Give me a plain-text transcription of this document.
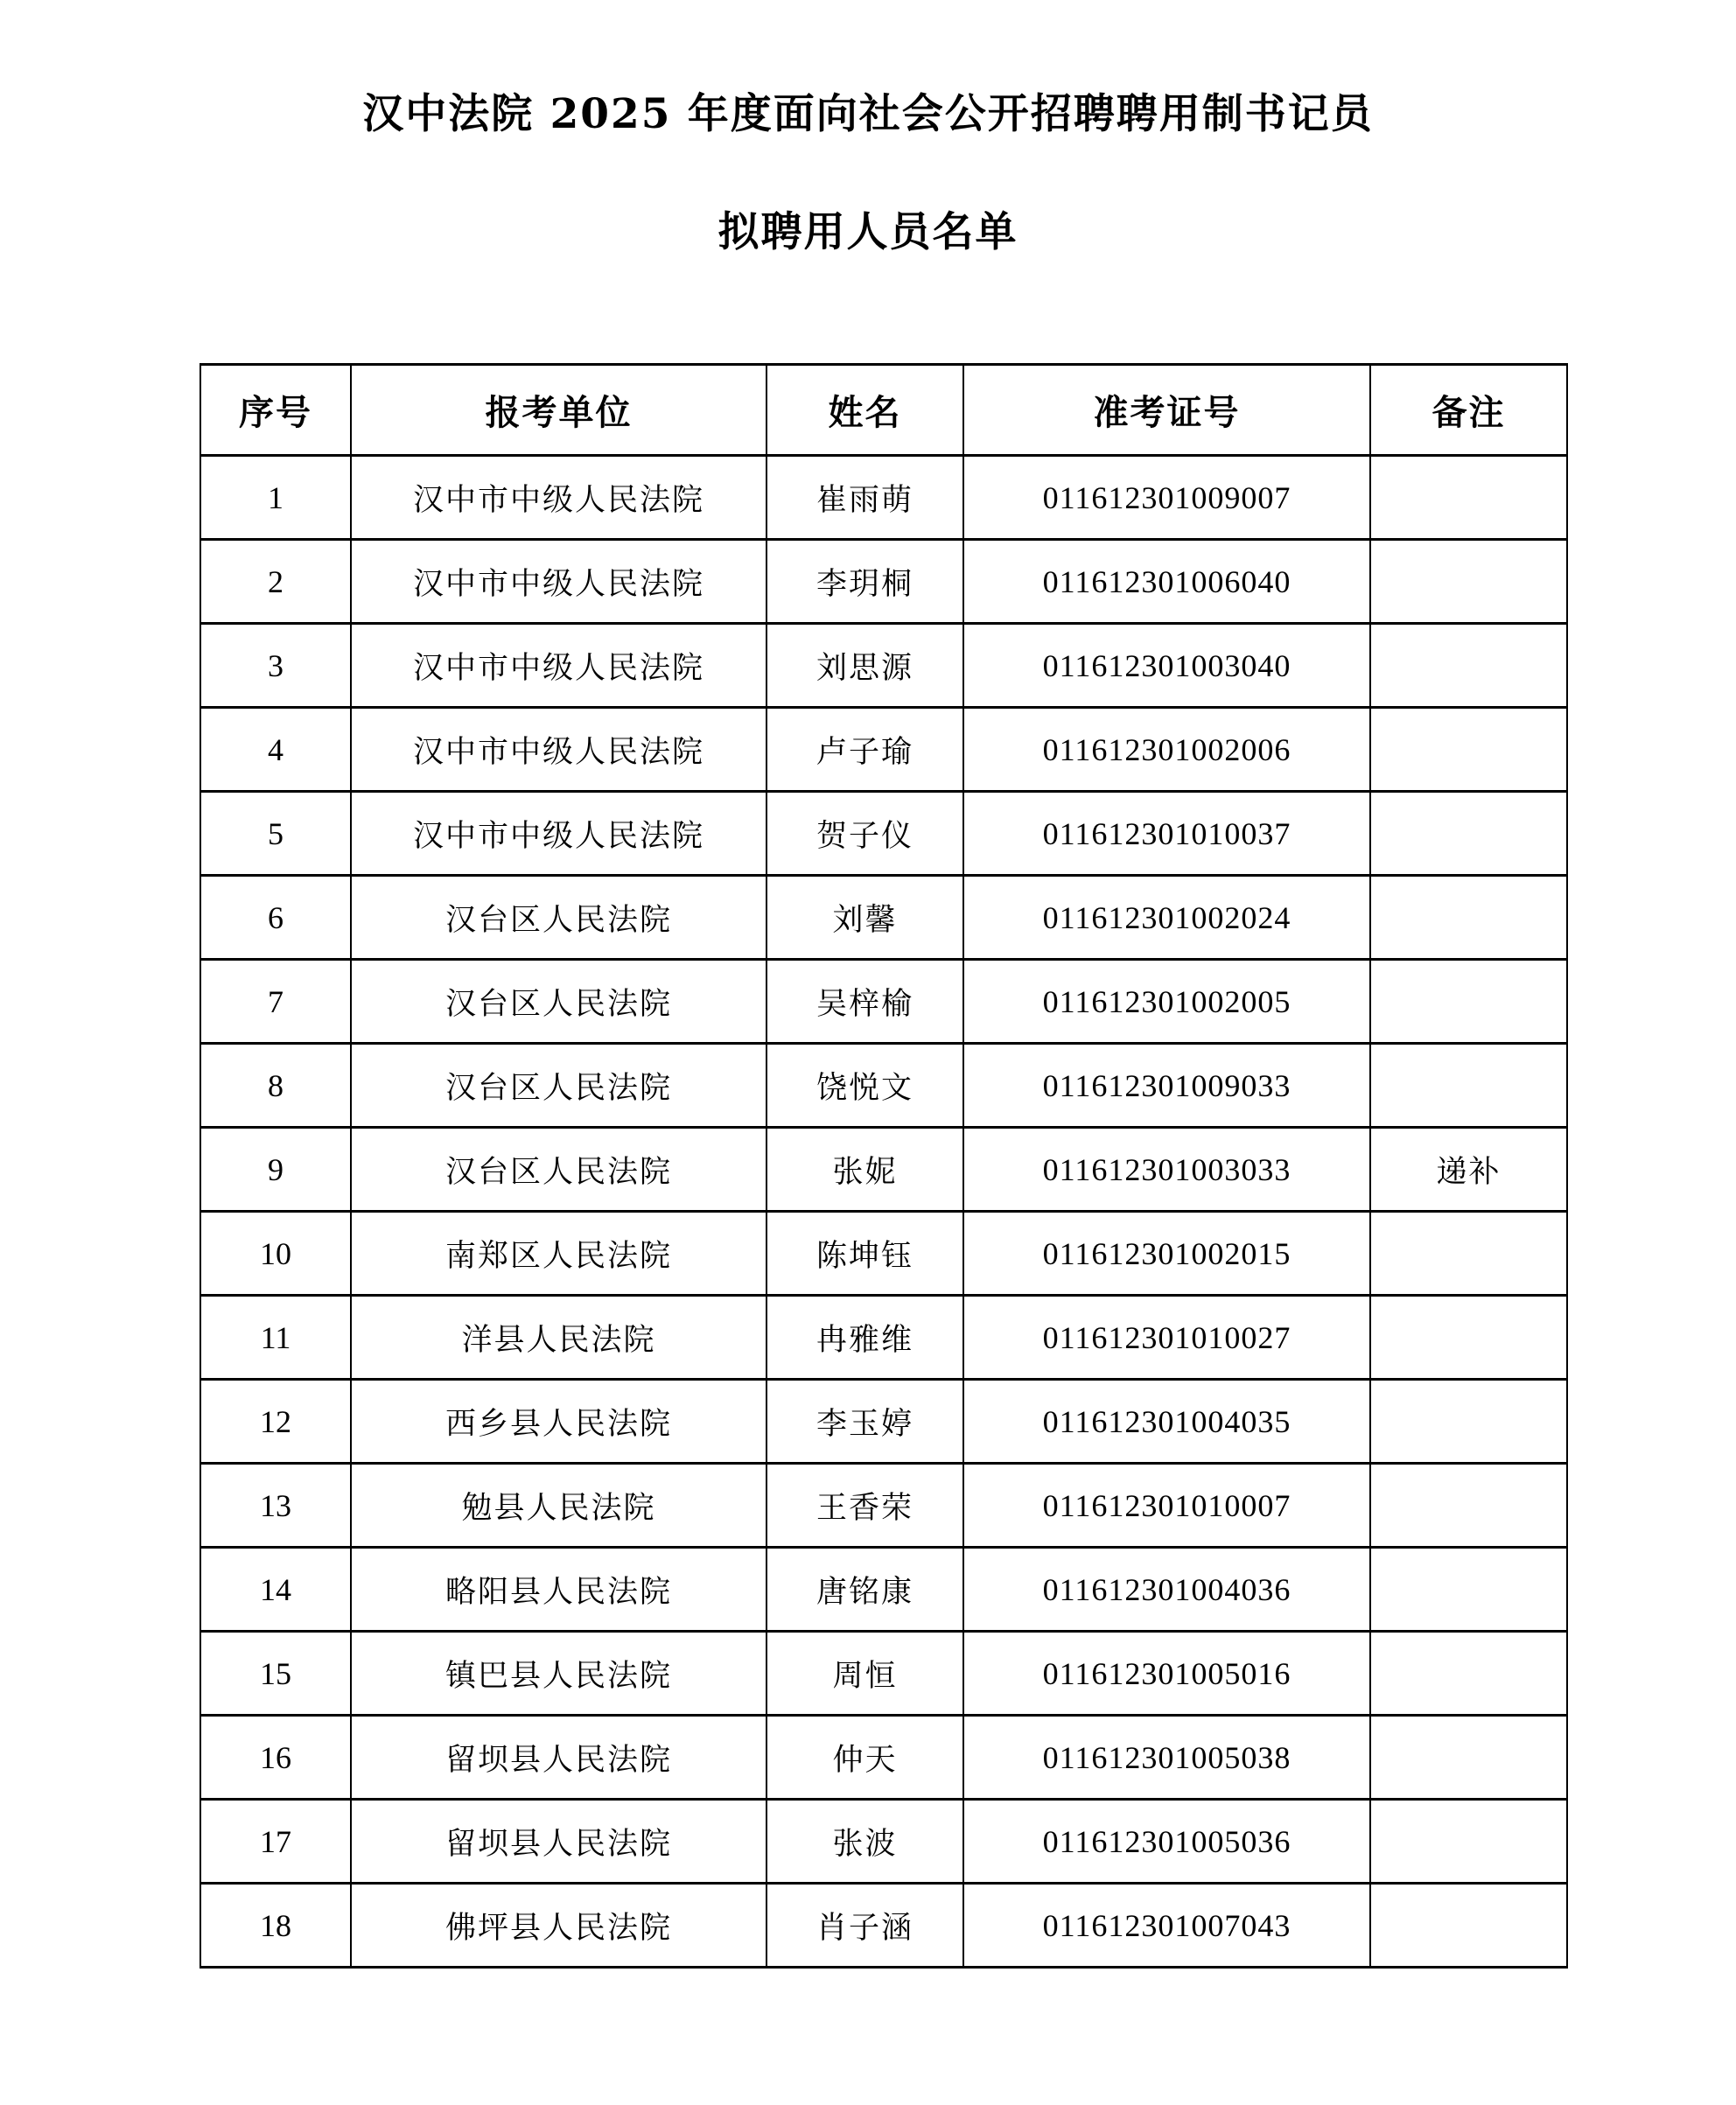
汉中法院 2025 年度面向社会公开招聘聘用制书记员
拟聘用人员名单
序号	报考单位	姓名	准考证号	备注
1	汉中市中级人民法院	崔雨萌	011612301009007	
2	汉中市中级人民法院	李玥桐	011612301006040	
3	汉中市中级人民法院	刘思源	011612301003040	
4	汉中市中级人民法院	卢子瑜	011612301002006	
5	汉中市中级人民法院	贺子仪	011612301010037	
6	汉台区人民法院	刘馨	011612301002024	
7	汉台区人民法院	吴梓榆	011612301002005	
8	汉台区人民法院	饶悦文	011612301009033	
9	汉台区人民法院	张妮	011612301003033	递补
10	南郑区人民法院	陈坤钰	011612301002015	
11	洋县人民法院	冉雅维	011612301010027	
12	西乡县人民法院	李玉婷	011612301004035	
13	勉县人民法院	王香荣	011612301010007	
14	略阳县人民法院	唐铭康	011612301004036	
15	镇巴县人民法院	周恒	011612301005016	
16	留坝县人民法院	仲天	011612301005038	
17	留坝县人民法院	张波	011612301005036	
18	佛坪县人民法院	肖子涵	011612301007043	
